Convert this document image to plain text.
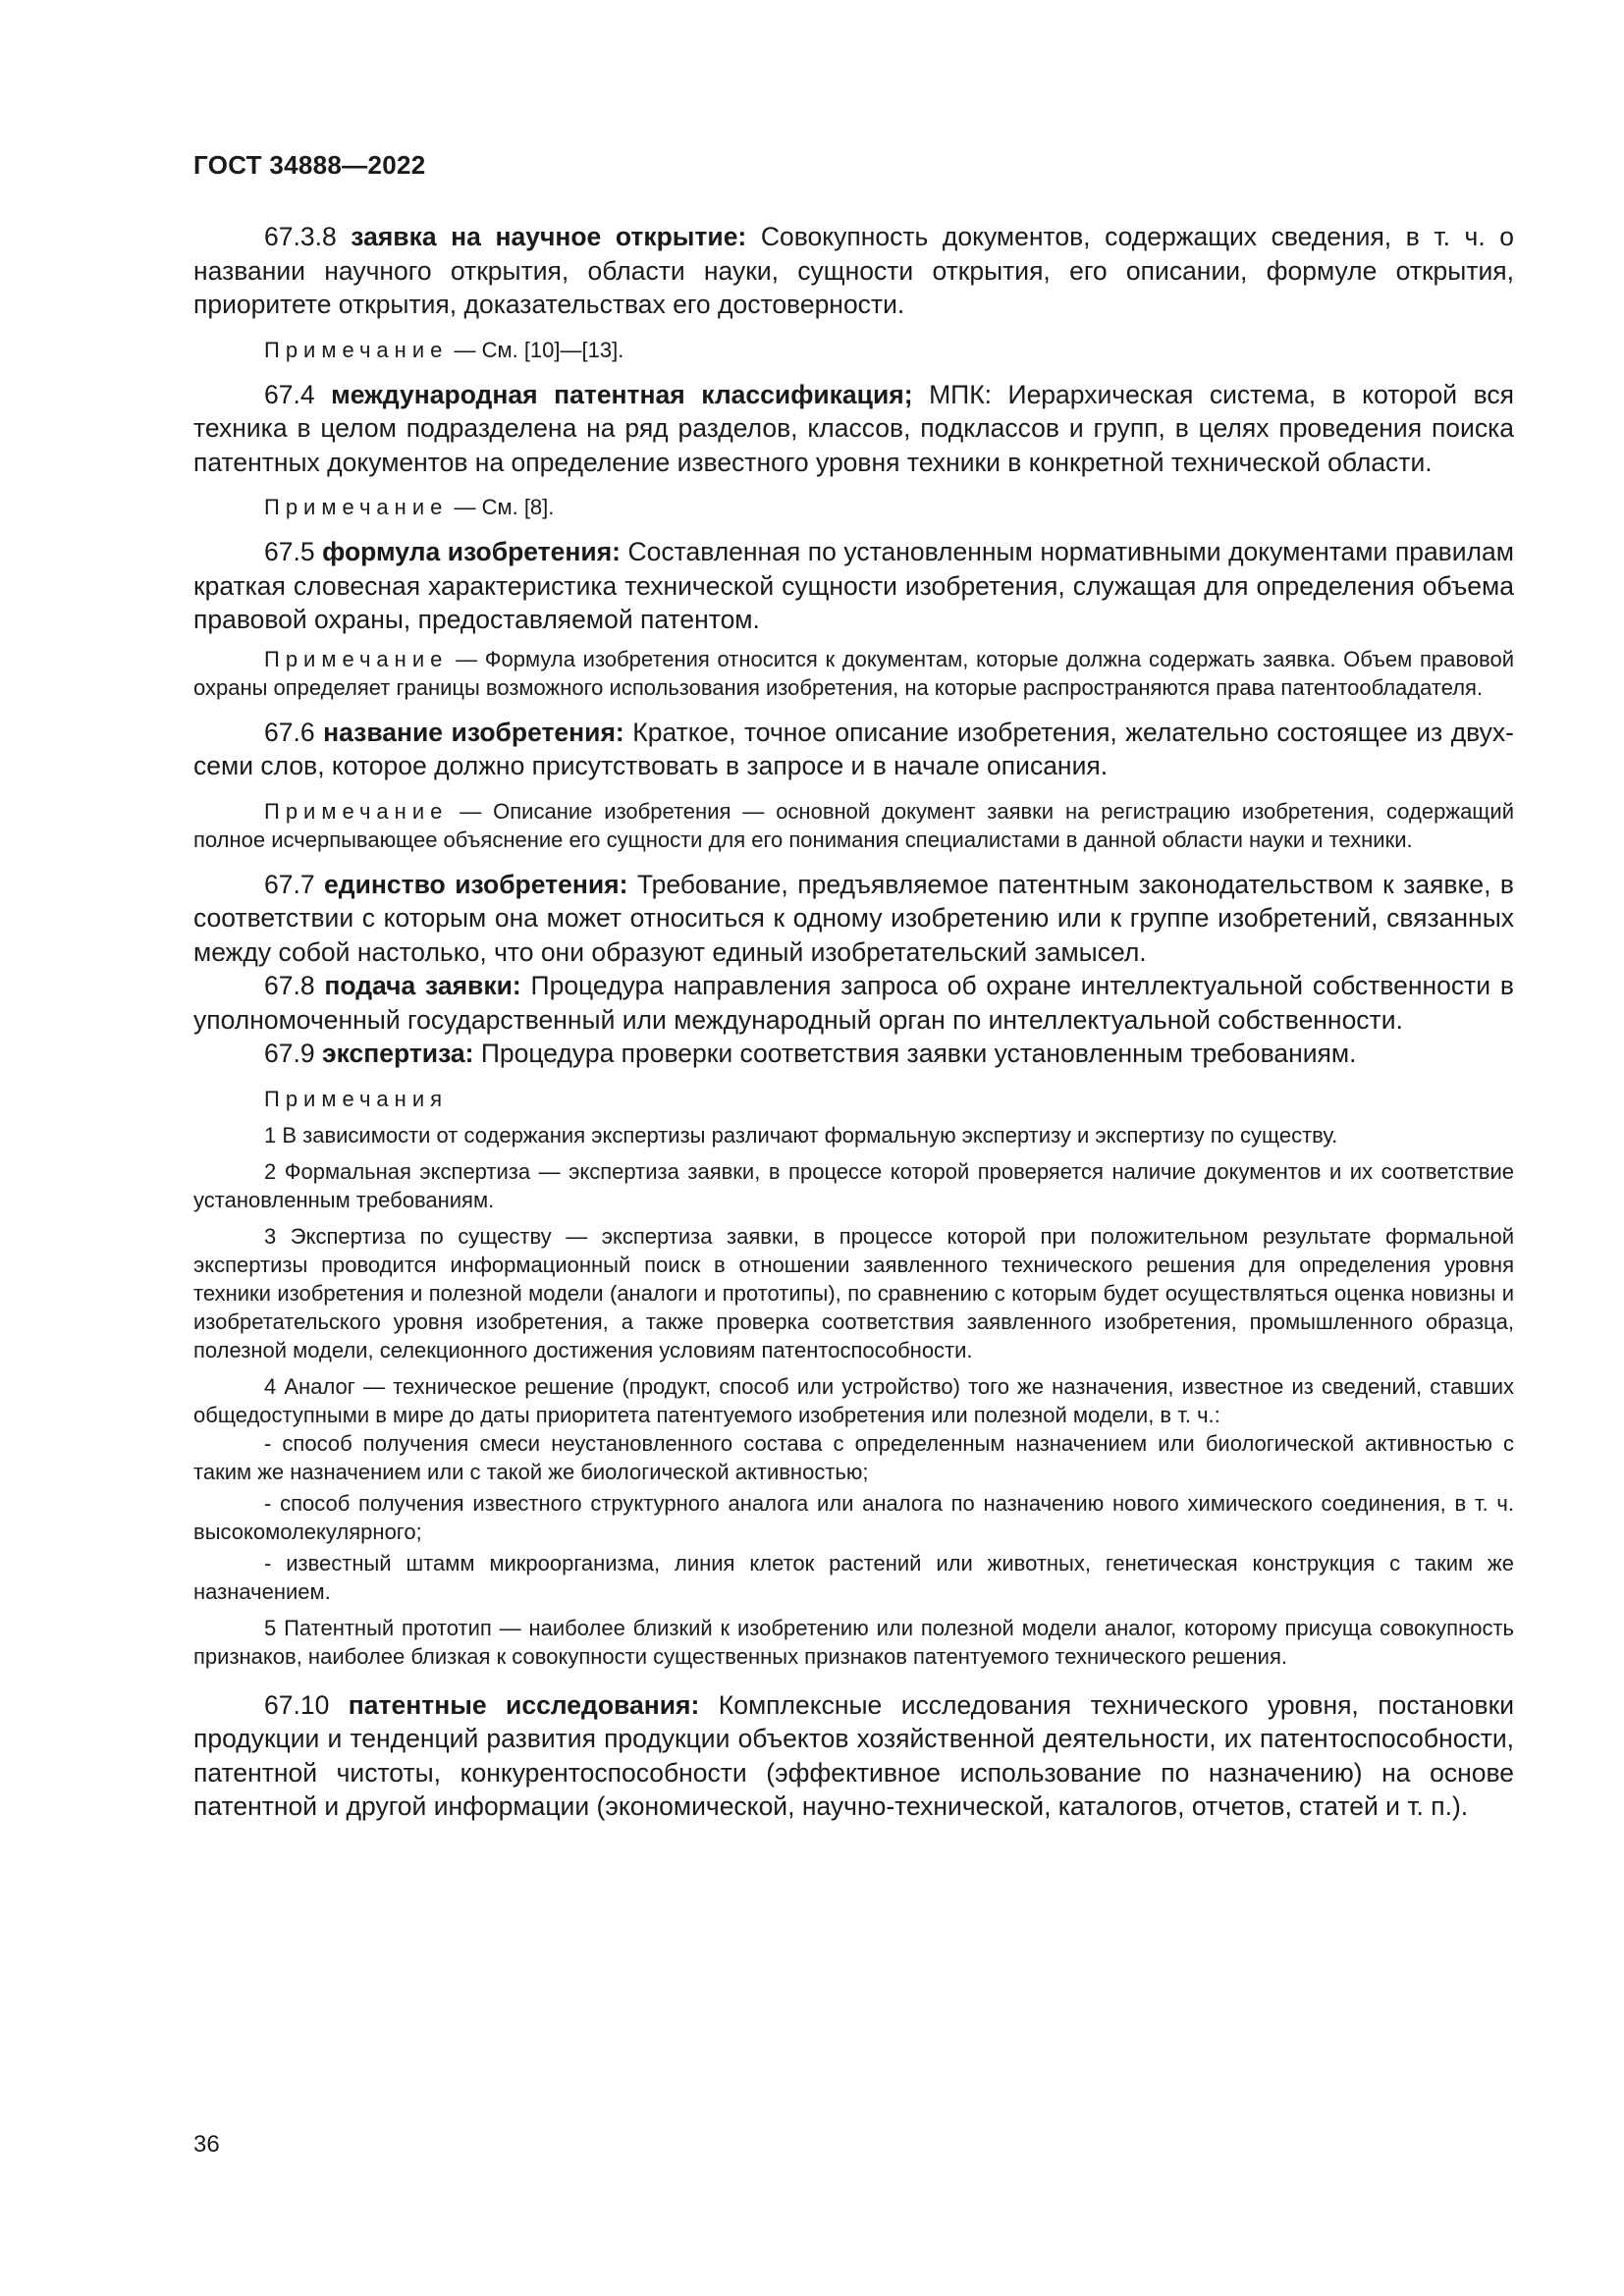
ГОСТ 34888—2022

67.3.8 заявка на научное открытие: Совокупность документов, содержащих сведения, в т. ч. о названии научного открытия, области науки, сущности открытия, его описании, формуле открытия, приоритете открытия, доказательствах его достоверности.

Примечание — См. [10]—[13].

67.4 международная патентная классификация; МПК: Иерархическая система, в которой вся техника в целом подразделена на ряд разделов, классов, подклассов и групп, в целях проведения поиска патентных документов на определение известного уровня техники в конкретной технической области.

Примечание — См. [8].

67.5 формула изобретения: Составленная по установленным нормативными документами правилам краткая словесная характеристика технической сущности изобретения, служащая для определения объема правовой охраны, предоставляемой патентом.

Примечание — Формула изобретения относится к документам, которые должна содержать заявка. Объем правовой охраны определяет границы возможного использования изобретения, на которые распространяются права патентообладателя.

67.6 название изобретения: Краткое, точное описание изобретения, желательно состоящее из двух-семи слов, которое должно присутствовать в запросе и в начале описания.

Примечание — Описание изобретения — основной документ заявки на регистрацию изобретения, содержащий полное исчерпывающее объяснение его сущности для его понимания специалистами в данной области науки и техники.

67.7 единство изобретения: Требование, предъявляемое патентным законодательством к заявке, в соответствии с которым она может относиться к одному изобретению или к группе изобретений, связанных между собой настолько, что они образуют единый изобретательский замысел.

67.8 подача заявки: Процедура направления запроса об охране интеллектуальной собственности в уполномоченный государственный или международный орган по интеллектуальной собственности.

67.9 экспертиза: Процедура проверки соответствия заявки установленным требованиям.

Примечания

1 В зависимости от содержания экспертизы различают формальную экспертизу и экспертизу по существу.

2 Формальная экспертиза — экспертиза заявки, в процессе которой проверяется наличие документов и их соответствие установленным требованиям.

3 Экспертиза по существу — экспертиза заявки, в процессе которой при положительном результате формальной экспертизы проводится информационный поиск в отношении заявленного технического решения для определения уровня техники изобретения и полезной модели (аналоги и прототипы), по сравнению с которым будет осуществляться оценка новизны и изобретательского уровня изобретения, а также проверка соответствия заявленного изобретения, промышленного образца, полезной модели, селекционного достижения условиям патентоспособности.

4 Аналог — техническое решение (продукт, способ или устройство) того же назначения, известное из сведений, ставших общедоступными в мире до даты приоритета патентуемого изобретения или полезной модели, в т. ч.:

- способ получения смеси неустановленного состава с определенным назначением или биологической активностью с таким же назначением или с такой же биологической активностью;

- способ получения известного структурного аналога или аналога по назначению нового химического соединения, в т. ч. высокомолекулярного;

- известный штамм микроорганизма, линия клеток растений или животных, генетическая конструкция с таким же назначением.

5 Патентный прототип — наиболее близкий к изобретению или полезной модели аналог, которому присуща совокупность признаков, наиболее близкая к совокупности существенных признаков патентуемого технического решения.

67.10 патентные исследования: Комплексные исследования технического уровня, постановки продукции и тенденций развития продукции объектов хозяйственной деятельности, их патентоспособности, патентной чистоты, конкурентоспособности (эффективное использование по назначению) на основе патентной и другой информации (экономической, научно-технической, каталогов, отчетов, статей и т. п.).

36
